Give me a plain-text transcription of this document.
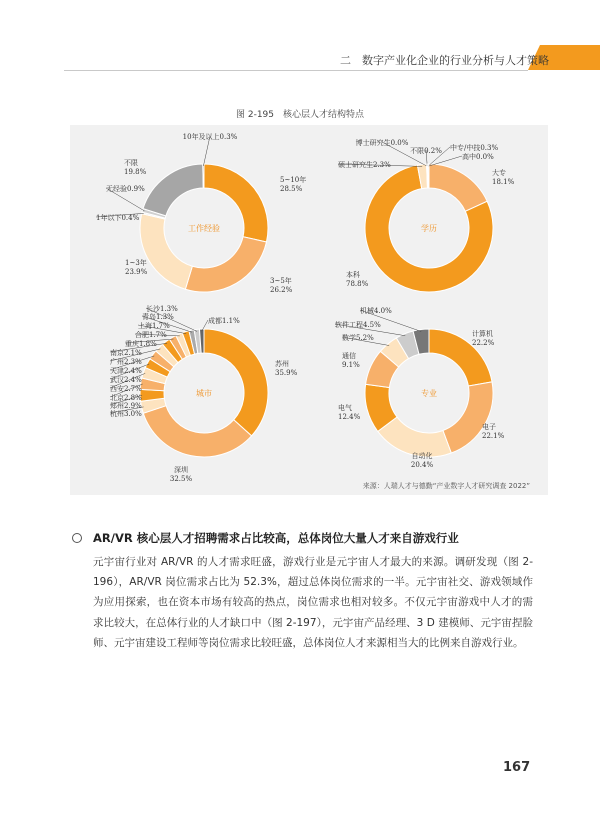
二　数字产业化企业的行业分析与人才策略
图 2-195　核心层人才结构特点
5~10年 28.5%
3~5年 26.2%
1~3年 23.9%
1年以下0.4%
无经验0.9%
不限 19.8%
10年及以上0.3%
工作经验
大专 18.1%
本科 78.8%
硕士研究生2.3%
博士研究生0.0%
不限0.2% 中专/中技0.3%
高中0.0%
学历
苏州 35.9%
深圳 32.5%
杭州3.0%
郑州2.9%
北京2.8%
西安2.7%
武汉2.4%
天津2.4%
广州2.3%
南京2.1%
重庆1.8%
合肥1.7%
上海1.7%
青岛1.3%
长沙1.3%
成都1.1%
城市
计算机 22.2%
电子 22.1%
自动化 20.4%
电气 12.4%
通信 9.1%
数学5.2%
软件工程4.5%
机械4.0%
专业
来源：人瑞人才与德勤“产业数字人才研究调查 2022”
AR/VR 核心层人才招聘需求占比较高，总体岗位大量人才来自游戏行业
元宇宙行业对 AR/VR 的人才需求旺盛，游戏行业是元宇宙人才最大的来源。调研发现（图 2-196），AR/VR 岗位需求占比为 52.3%，超过总体岗位需求的一半。元宇宙社交、游戏领域作为应用探索，也在资本市场有较高的热点，岗位需求也相对较多。不仅元宇宙游戏中人才的需求比较大，在总体行业的人才缺口中（图 2-197），元宇宙产品经理、3 D 建模师、元宇宙捏脸师、元宇宙建设工程师等岗位需求比较旺盛，总体岗位人才来源相当大的比例来自游戏行业。
167
